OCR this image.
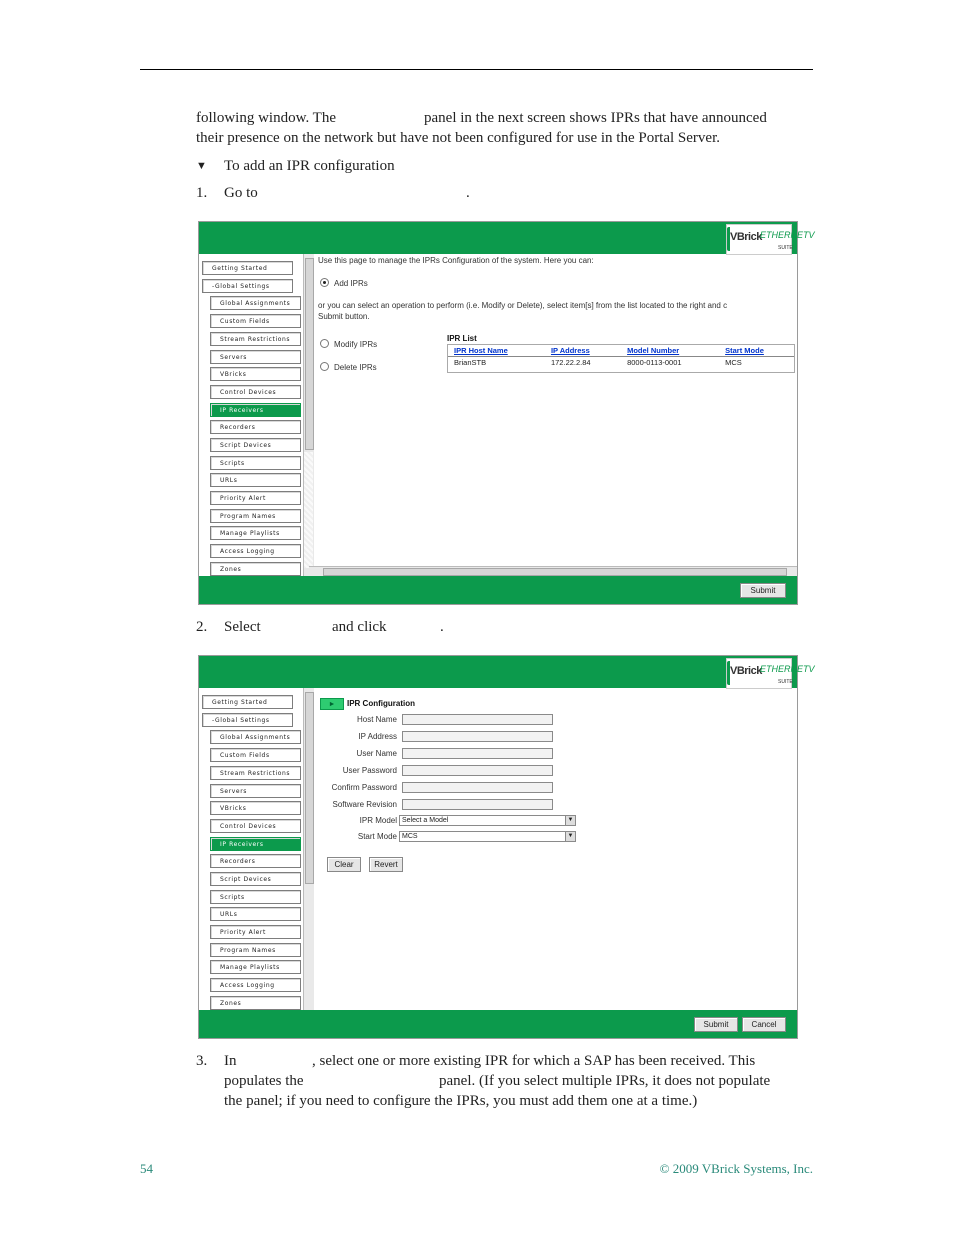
following window. The	panel in the next screen shows IPRs that have announced
their presence on the network but have not been configured for use in the Portal Server.
▼ To add an IPR configuration
1. Go to	.
VBrick
ETHERNETV
SUITE
Getting Started
-Global Settings
Global Assignments
Custom Fields
Stream Restrictions
Servers
VBricks
Control Devices
IP Receivers
Recorders
Script Devices
Scripts
URLs
Priority Alert
Program Names
Manage Playlists
Access Logging
Zones
Use this page to manage the IPRs Configuration of the system. Here you can:
Add IPRs
or you can select an operation to perform (i.e. Modify or Delete), select item[s] from the list located to the right and c
Submit button.
Modify IPRs
Delete IPRs
IPR List
IPR Host Name	IP Address	Model Number	Start Mode
BrianSTB	172.22.2.84	8000-0113-0001	MCS
Submit
2. Select	and click	.
VBrick
ETHERNETV
SUITE
Getting Started
-Global Settings
Global Assignments
Custom Fields
Stream Restrictions
Servers
VBricks
Control Devices
IP Receivers
Recorders
Script Devices
Scripts
URLs
Priority Alert
Program Names
Manage Playlists
Access Logging
Zones
►	IPR Configuration
Host Name
IP Address
User Name
User Password
Confirm Password
Software Revision
IPR Model Select a Model	▼
Start Mode MCS	▼
Clear	Revert
Submit	Cancel
3. In	, select one or more existing IPR for which a SAP has been received. This
populates the	panel. (If you select multiple IPRs, it does not populate
the panel; if you need to configure the IPRs, you must add them one at a time.)
54	© 2009 VBrick Systems, Inc.
